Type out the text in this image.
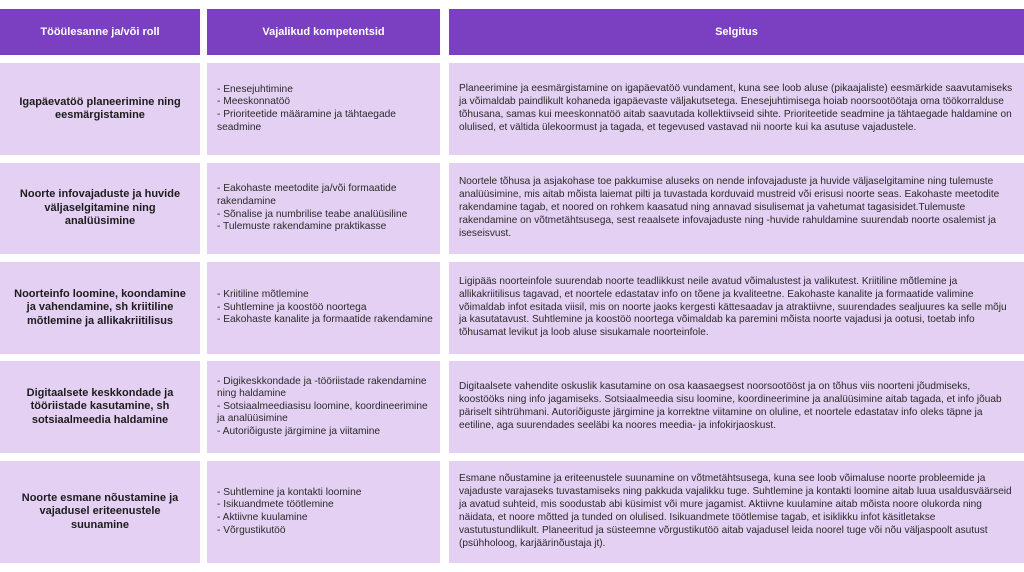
Tööülesanne ja/või roll	Vajalikud kompetentsid	Selgitus
Igapäevatöö planeerimine ning eesmärgistamine
- Enesejuhtimine
- Meeskonnatöö
- Prioriteetide määramine ja tähtaegade seadmine
Planeerimine ja eesmärgistamine on igapäevatöö vundament, kuna see loob aluse (pikaajaliste) eesmärkide saavutamiseks ja võimaldab paindlikult kohaneda igapäevaste väljakutsetega. Enesejuhtimisega hoiab noorsootöötaja oma töökorralduse tõhusana, samas kui meeskonnatöö aitab saavutada kollektiivseid sihte. Prioriteetide seadmine ja tähtaegade haldamine on olulised, et vältida ülekoormust ja tagada, et tegevused vastavad nii noorte kui ka asutuse vajadustele.
Noorte infovajaduste ja huvide väljaselgitamine ning analüüsimine
- Eakohaste meetodite ja/või formaatide rakendamine
- Sõnalise ja numbrilise teabe analüüsiline
- Tulemuste rakendamine praktikasse
Noortele tõhusa ja asjakohase toe pakkumise aluseks on nende infovajaduste ja huvide väljaselgitamine ning tulemuste analüüsimine, mis aitab mõista laiemat pilti ja tuvastada korduvaid mustreid või erisusi noorte seas. Eakohaste meetodite rakendamine tagab, et noored on rohkem kaasatud ning annavad sisulisemat ja vahetumat tagasisidet.Tulemuste rakendamine on võtmetähtsusega, sest reaalsete infovajaduste ning -huvide rahuldamine suurendab noorte osalemist ja iseseisvust.
Noorteinfo loomine, koondamine ja vahendamine, sh kriitiline mõtlemine ja allikakriitilisus
- Kriitiline mõtlemine
- Suhtlemine ja koostöö noortega
- Eakohaste kanalite ja formaatide rakendamine
Ligipääs noorteinfole suurendab noorte teadlikkust neile avatud võimalustest ja valikutest. Kriitiline mõtlemine ja allikakriitilisus tagavad, et noortele edastatav info on tõene ja kvaliteetne. Eakohaste kanalite ja formaatide valimine võimaldab infot esitada viisil, mis on noorte jaoks kergesti kättesaadav ja atraktiivne, suurendades sealjuures ka selle mõju ja kasutatavust. Suhtlemine ja koostöö noortega võimaldab ka paremini mõista noorte vajadusi ja ootusi, toetab info tõhusamat levikut ja loob aluse sisukamale noorteinfole.
Digitaalsete keskkondade ja tööriistade kasutamine, sh sotsiaalmeedia haldamine
- Digikeskkondade ja -tööriistade rakendamine ning haldamine
- Sotsiaalmeediasisu loomine, koordineerimine ja analüüsimine
- Autoriõiguste järgimine ja viitamine
Digitaalsete vahendite oskuslik kasutamine on osa kaasaegsest noorsootööst ja on tõhus viis noorteni jõudmiseks, koostööks ning info jagamiseks. Sotsiaalmeedia sisu loomine, koordineerimine ja analüüsimine aitab tagada, et info jõuab päriselt sihtrühmani. Autoriõiguste järgimine ja korrektne viitamine on oluline, et noortele edastatav info oleks täpne ja eetiline, aga suurendades seeläbi ka noores meedia- ja infokirjaoskust.
Noorte esmane nõustamine ja vajadusel eriteenustele suunamine
- Suhtlemine ja kontakti loomine
- Isikuandmete töötlemine
- Aktiivne kuulamine
- Võrgustikutöö
Esmane nõustamine ja eriteenustele suunamine on võtmetähtsusega, kuna see loob võimaluse noorte probleemide ja vajaduste varajaseks tuvastamiseks ning pakkuda vajalikku tuge. Suhtlemine ja kontakti loomine aitab luua usaldusväärseid ja avatud suhteid, mis soodustab abi küsimist või mure jagamist. Aktiivne kuulamine aitab mõista noore olukorda ning näidata, et noore mõtted ja tunded on olulised. Isikuandmete töötlemise tagab, et isiklikku infot käsitletakse vastutustundlikult. Planeeritud ja süsteemne võrgustikutöö aitab vajadusel leida noorel tuge või nõu väljaspoolt asutust (psühholoog, karjäärinõustaja jt).
